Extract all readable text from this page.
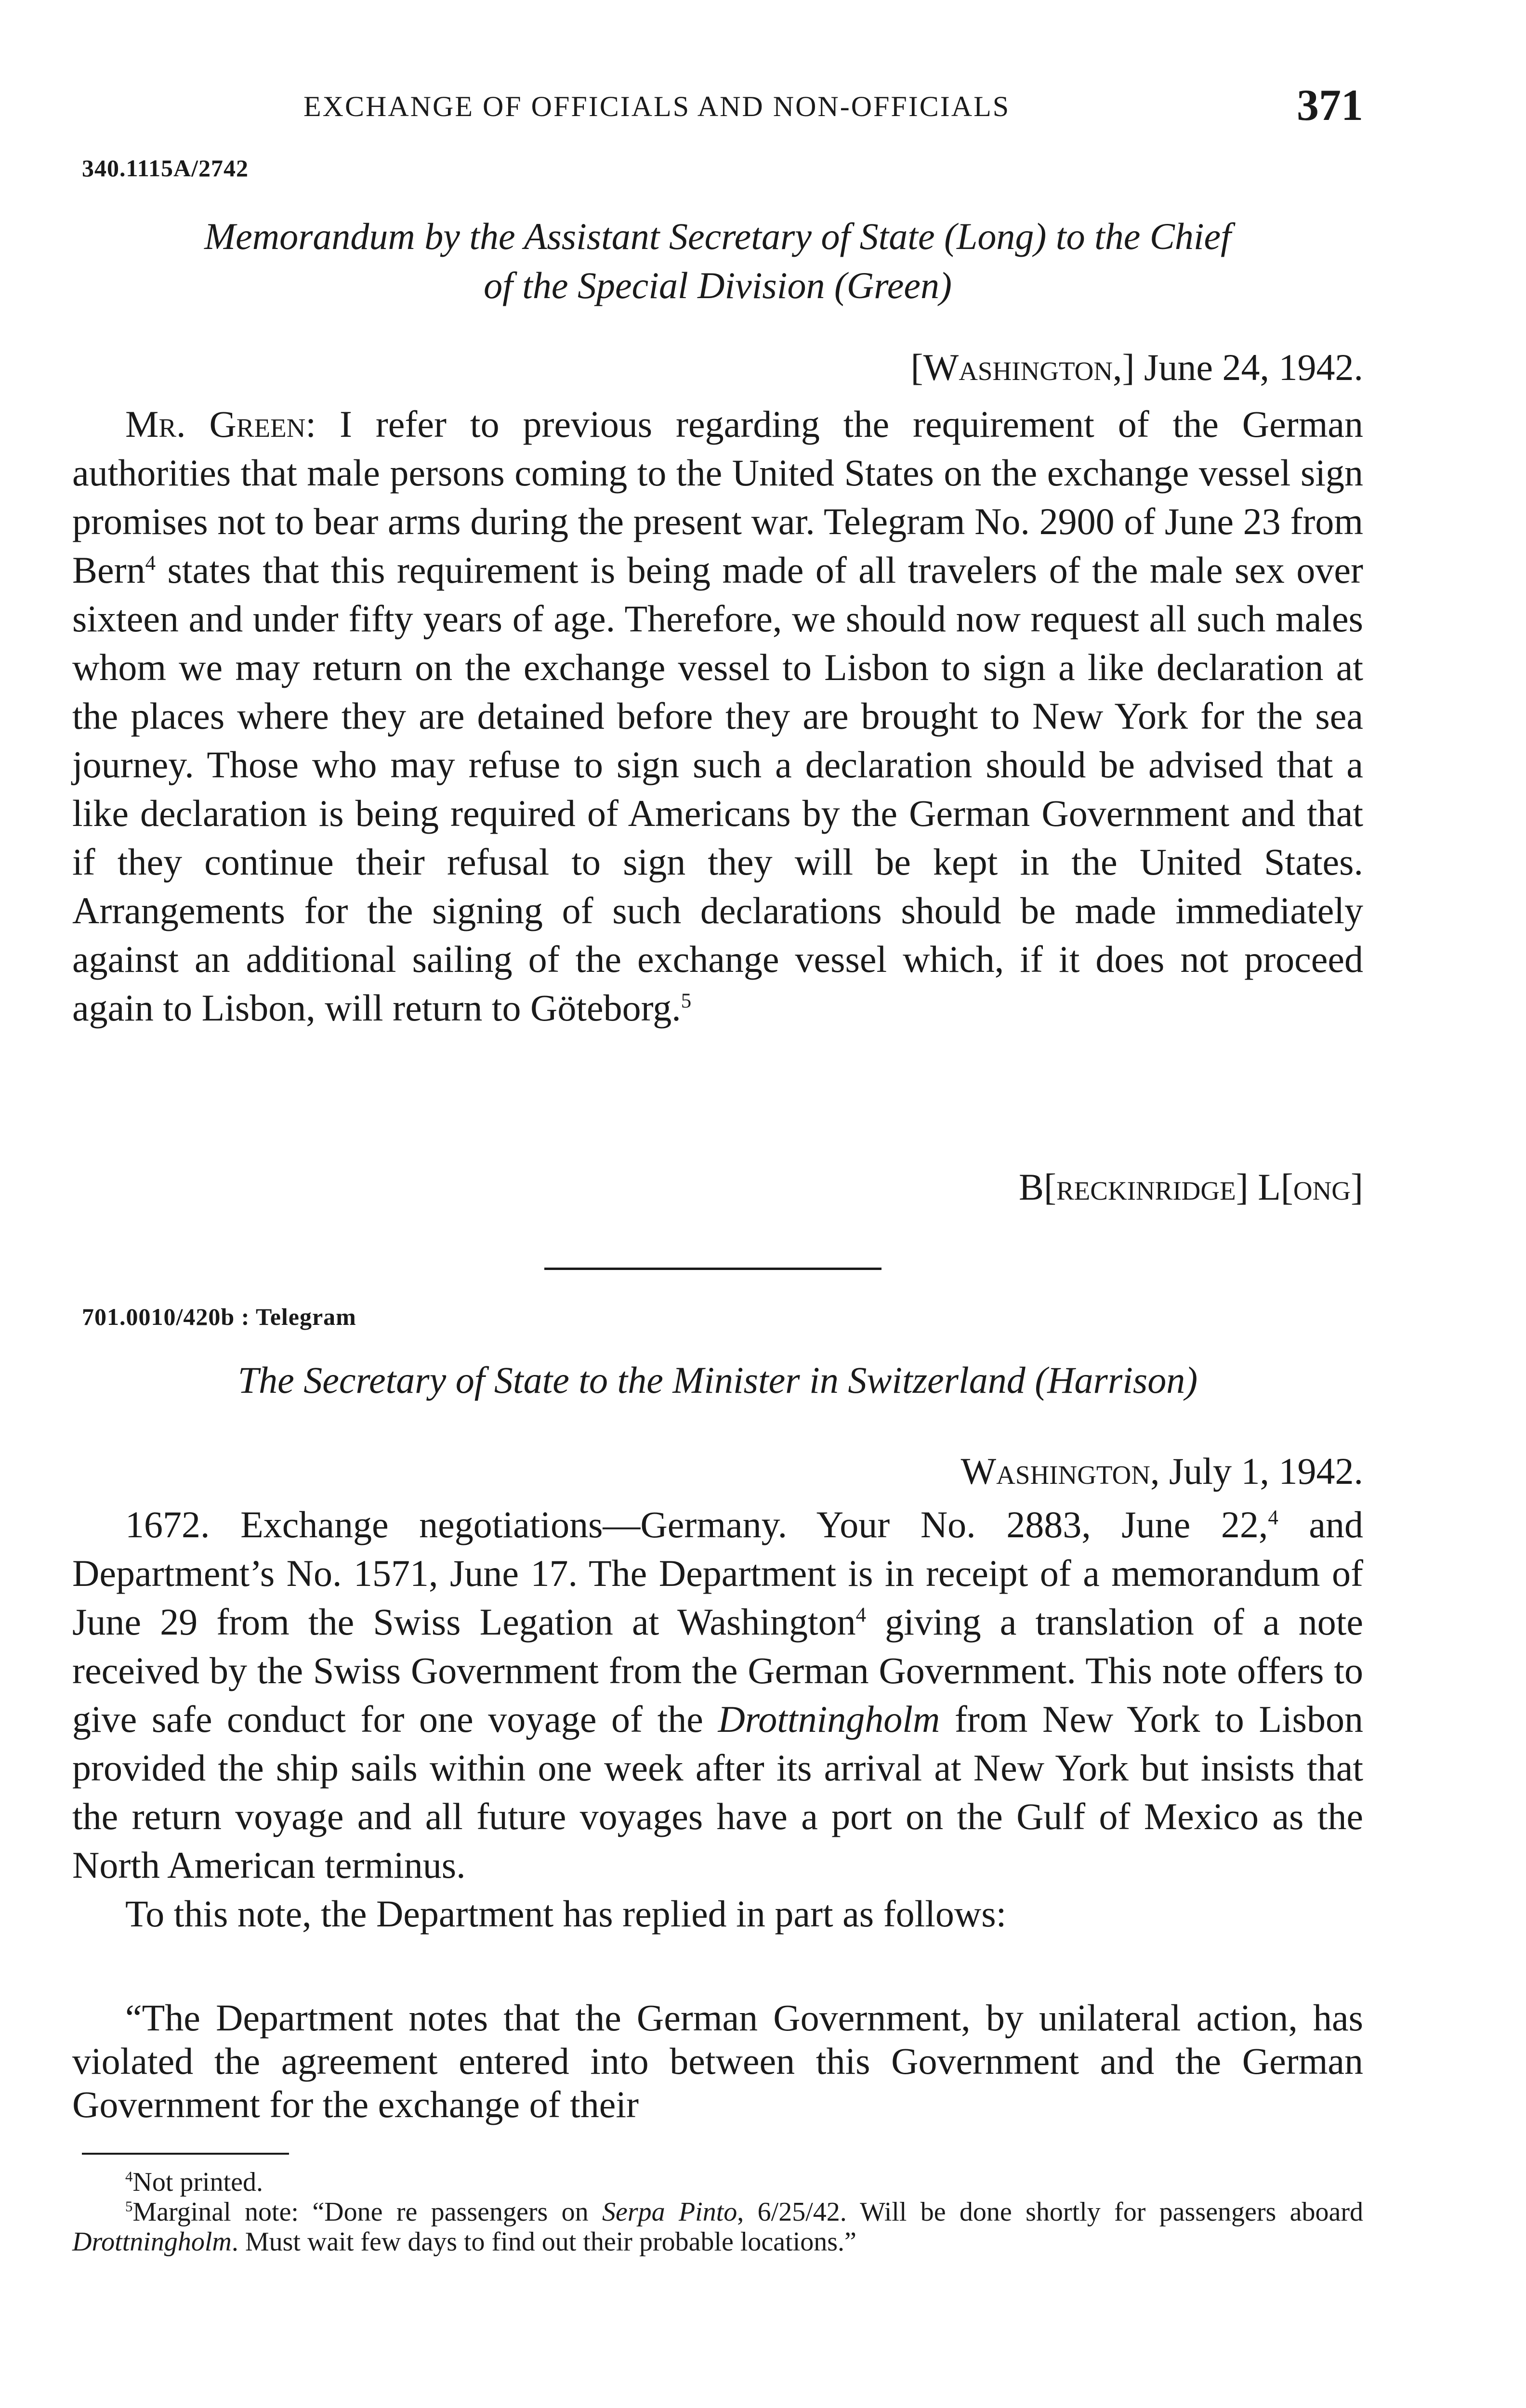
EXCHANGE OF OFFICIALS AND NON-OFFICIALS	371
340.1115A/2742
Memorandum by the Assistant Secretary of State (Long) to the Chief
of the Special Division (Green)
[Washington,] June 24, 1942.

Mr. Green: I refer to previous regarding the requirement of the German authorities that male persons coming to the United States on the exchange vessel sign promises not to bear arms during the present war. Telegram No. 2900 of June 23 from Bern$^4$ states that this requirement is being made of all travelers of the male sex over sixteen and under fifty years of age. Therefore, we should now request all such males whom we may return on the exchange vessel to Lisbon to sign a like declaration at the places where they are detained before they are brought to New York for the sea journey. Those who may refuse to sign such a declaration should be advised that a like declaration is being required of Americans by the German Government and that if they continue their refusal to sign they will be kept in the United States. Arrangements for the signing of such declarations should be made immediately against an additional sailing of the exchange vessel which, if it does not proceed again to Lisbon, will return to Göteborg.$^5$

B[reckinridge] L[ong]
701.0010/420b : Telegram
The Secretary of State to the Minister in Switzerland (Harrison)
Washington, July 1, 1942.

1672. Exchange negotiations—Germany. Your No. 2883, June 22,$^4$ and Department’s No. 1571, June 17. The Department is in receipt of a memorandum of June 29 from the Swiss Legation at Washington$^4$ giving a translation of a note received by the Swiss Government from the German Government. This note offers to give safe conduct for one voyage of the Drottningholm from New York to Lisbon provided the ship sails within one week after its arrival at New York but insists that the return voyage and all future voyages have a port on the Gulf of Mexico as the North American terminus.

To this note, the Department has replied in part as follows:

“The Department notes that the German Government, by unilateral action, has violated the agreement entered into between this Government and the German Government for the exchange of their

$^4$Not printed.

$^5$Marginal note: “Done re passengers on Serpa Pinto, 6/25/42. Will be done shortly for passengers aboard Drottningholm. Must wait few days to find out their probable locations.”
